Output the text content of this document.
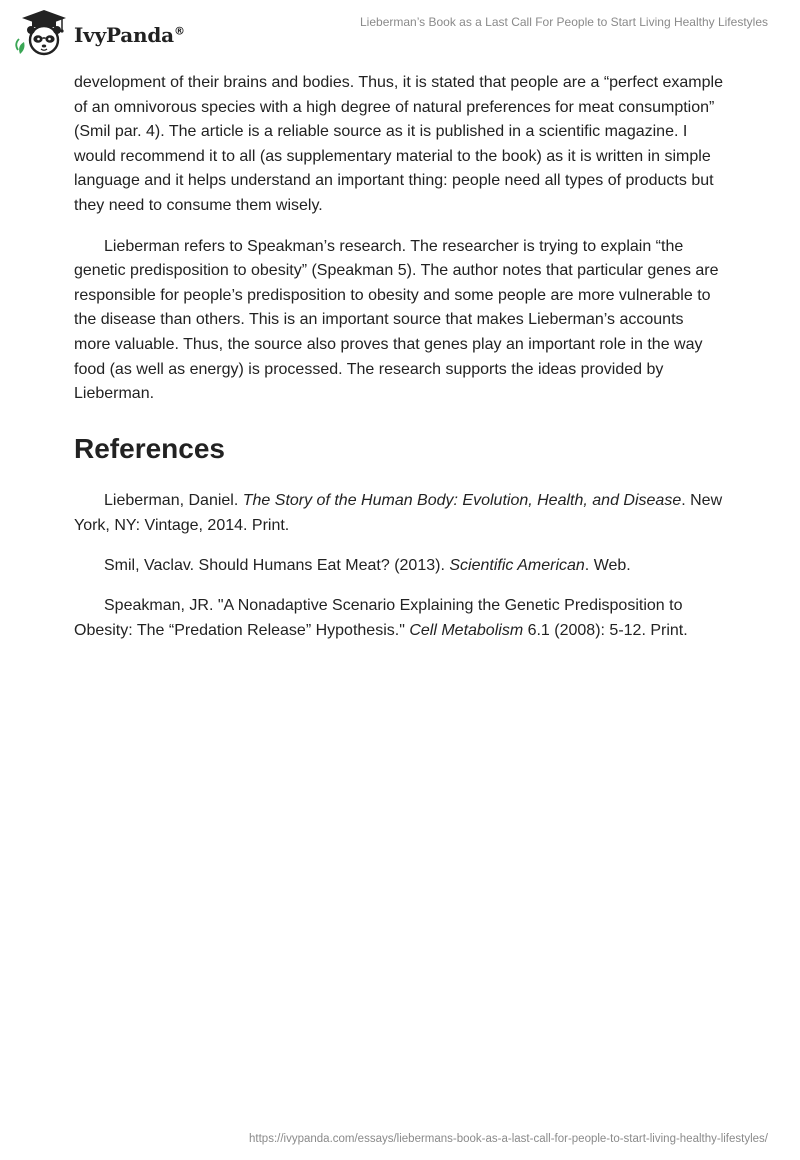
IvyPanda®
Lieberman’s Book as a Last Call For People to Start Living Healthy Lifestyles

development of their brains and bodies. Thus, it is stated that people are a “perfect example of an omnivorous species with a high degree of natural preferences for meat consumption” (Smil par. 4). The article is a reliable source as it is published in a scientific magazine. I would recommend it to all (as supplementary material to the book) as it is written in simple language and it helps understand an important thing: people need all types of products but they need to consume them wisely.

Lieberman refers to Speakman’s research. The researcher is trying to explain “the genetic predisposition to obesity” (Speakman 5). The author notes that particular genes are responsible for people’s predisposition to obesity and some people are more vulnerable to the disease than others. This is an important source that makes Lieberman’s accounts more valuable. Thus, the source also proves that genes play an important role in the way food (as well as energy) is processed. The research supports the ideas provided by Lieberman.

References

Lieberman, Daniel. The Story of the Human Body: Evolution, Health, and Disease. New York, NY: Vintage, 2014. Print.

Smil, Vaclav. Should Humans Eat Meat? (2013). Scientific American. Web.

Speakman, JR. "A Nonadaptive Scenario Explaining the Genetic Predisposition to Obesity: The “Predation Release” Hypothesis." Cell Metabolism 6.1 (2008): 5-12. Print.

https://ivypanda.com/essays/liebermans-book-as-a-last-call-for-people-to-start-living-healthy-lifestyles/
